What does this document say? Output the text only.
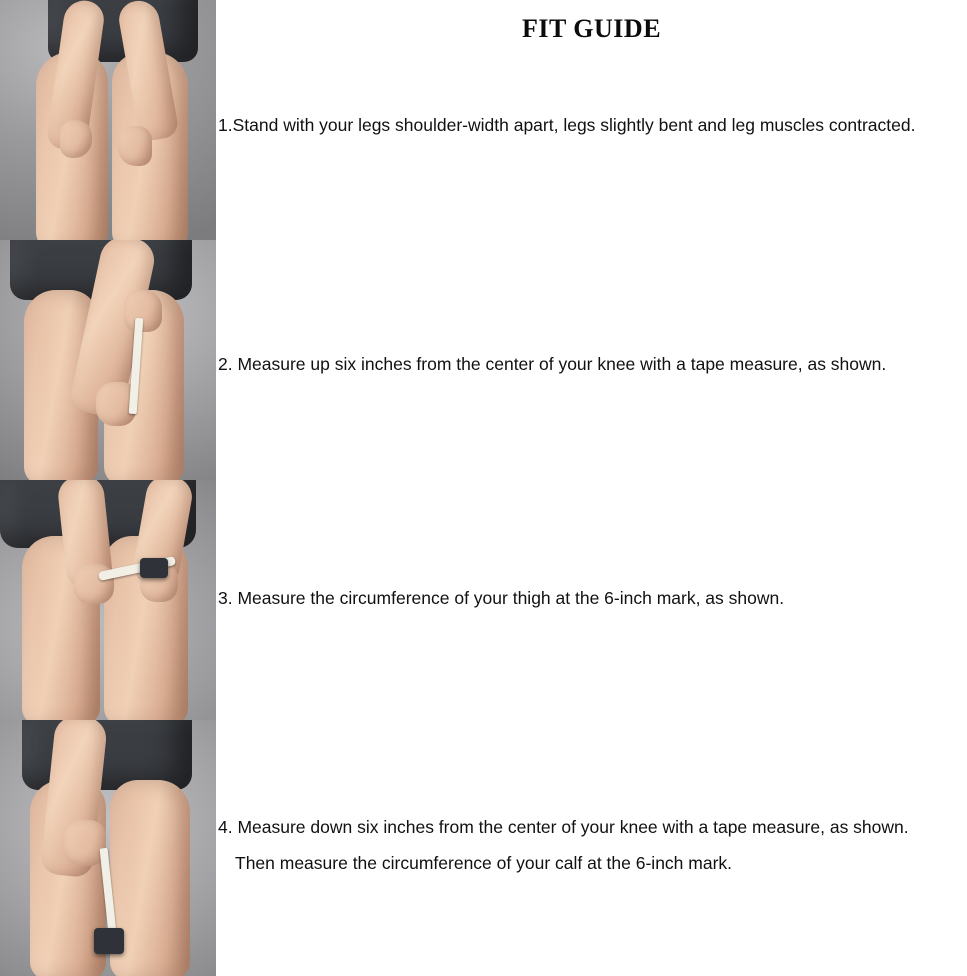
FIT GUIDE
1.Stand with your legs shoulder-width apart, legs slightly bent and leg muscles contracted.
2. Measure up six inches from the center of your knee with a tape measure, as shown.
3. Measure the circumference of your thigh at the 6-inch mark, as shown.
4. Measure down six inches from the center of your knee with a tape measure, as shown.
Then measure the circumference of your calf at the 6-inch mark.
